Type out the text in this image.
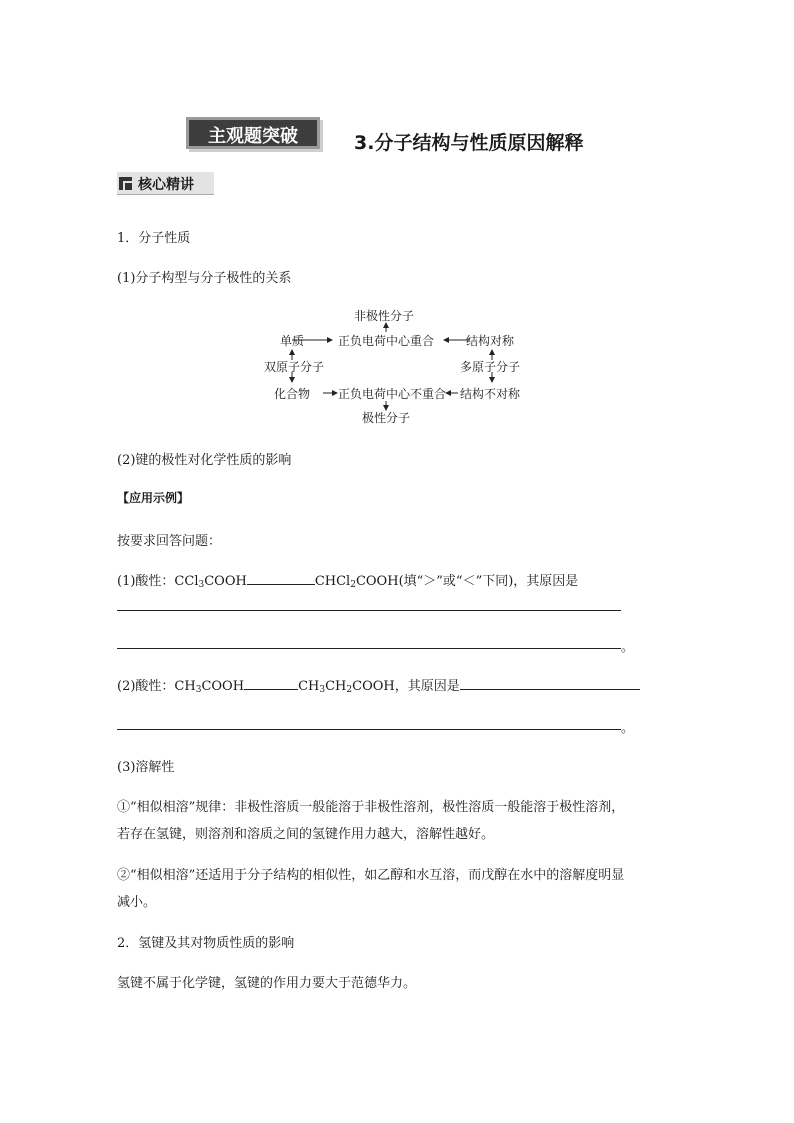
主观题突破	3.分子结构与性质原因解释
核心精讲
1．分子性质
(1)分子构型与分子极性的关系
非极性分子
单质	正负电荷中心重合	结构对称
双原子分子	多原子分子
化合物 正负电荷中心不重合 结构不对称
极性分子
(2)键的极性对化学性质的影响
【应用示例】
按要求回答问题：
(1)酸性：CCl$_3$COOH	CHCl$_2$COOH(填“＞”或“＜”下同)，其原因是
。
(2)酸性：$CH_3COOH$	$CH_3CH_2COOH$，其原因是
。
(3)溶解性
①“相似相溶”规律：非极性溶质一般能溶于非极性溶剂，极性溶质一般能溶于极性溶剂，
若存在氢键，则溶剂和溶质之间的氢键作用力越大，溶解性越好。
②“相似相溶”还适用于分子结构的相似性，如乙醇和水互溶，而戊醇在水中的溶解度明显
减小。
2．氢键及其对物质性质的影响
氢键不属于化学键，氢键的作用力要大于范德华力。
